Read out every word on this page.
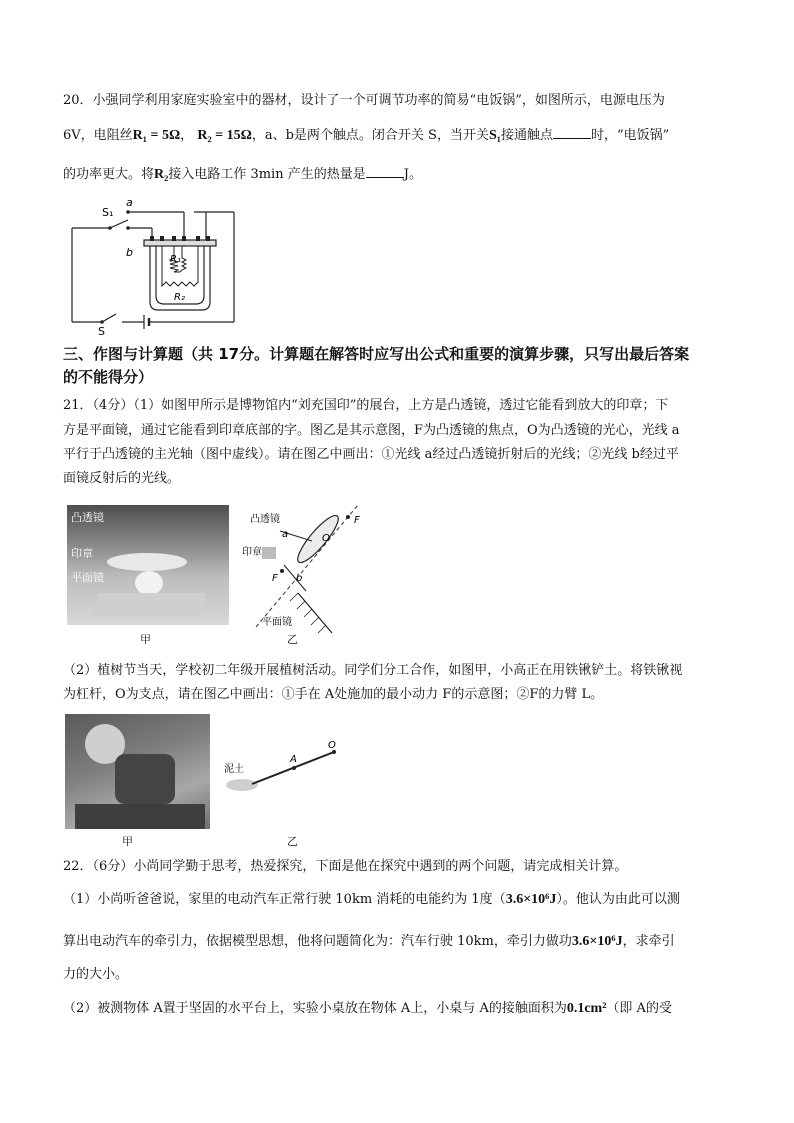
20．小强同学利用家庭实验室中的器材，设计了一个可调节功率的简易“电饭锅”，如图所示，电源电压为
6V，电阻丝R₁ = 5Ω， R₂ = 15Ω，a、b是两个触点。闭合开关 S，当开关S₁接通触点	时，“电饭锅”
的功率更大。将R₂接入电路工作 3min 产生的热量是	J。
S₁
a
b
R₁
R₂
S
三、作图与计算题（共 17分。计算题在解答时应写出公式和重要的演算步骤，只写出最后答案
的不能得分）
21．（4分）（1）如图甲所示是博物馆内“刘充国印”的展台，上方是凸透镜，透过它能看到放大的印章；下
方是平面镜，通过它能看到印章底部的字。图乙是其示意图，F为凸透镜的焦点，O为凸透镜的光心，光线 a
平行于凸透镜的主光轴（图中虚线）。请在图乙中画出：①光线 a经过凸透镜折射后的光线；②光线 b经过平
面镜反射后的光线。
凸透镜
印章
平面镜
甲
凸透镜
印章
平面镜
F
F
O
a
b
乙
（2）植树节当天，学校初二年级开展植树活动。同学们分工合作，如图甲，小高正在用铁锹铲土。将铁锹视
为杠杆，O为支点，请在图乙中画出：①手在 A处施加的最小动力 F的示意图；②F的力臂 L。
甲
泥土
A
O
乙
22．（6分）小尚同学勤于思考，热爱探究，下面是他在探究中遇到的两个问题，请完成相关计算。
（1）小尚听爸爸说，家里的电动汽车正常行驶 10km 消耗的电能约为 1度（3.6×10⁶J）。他认为由此可以测
算出电动汽车的牵引力，依据模型思想，他将问题简化为：汽车行驶 10km，牵引力做功3.6×10⁶J，求牵引
力的大小。
（2）被测物体 A置于坚固的水平台上，实验小桌放在物体 A上，小桌与 A的接触面积为0.1cm²（即 A的受
